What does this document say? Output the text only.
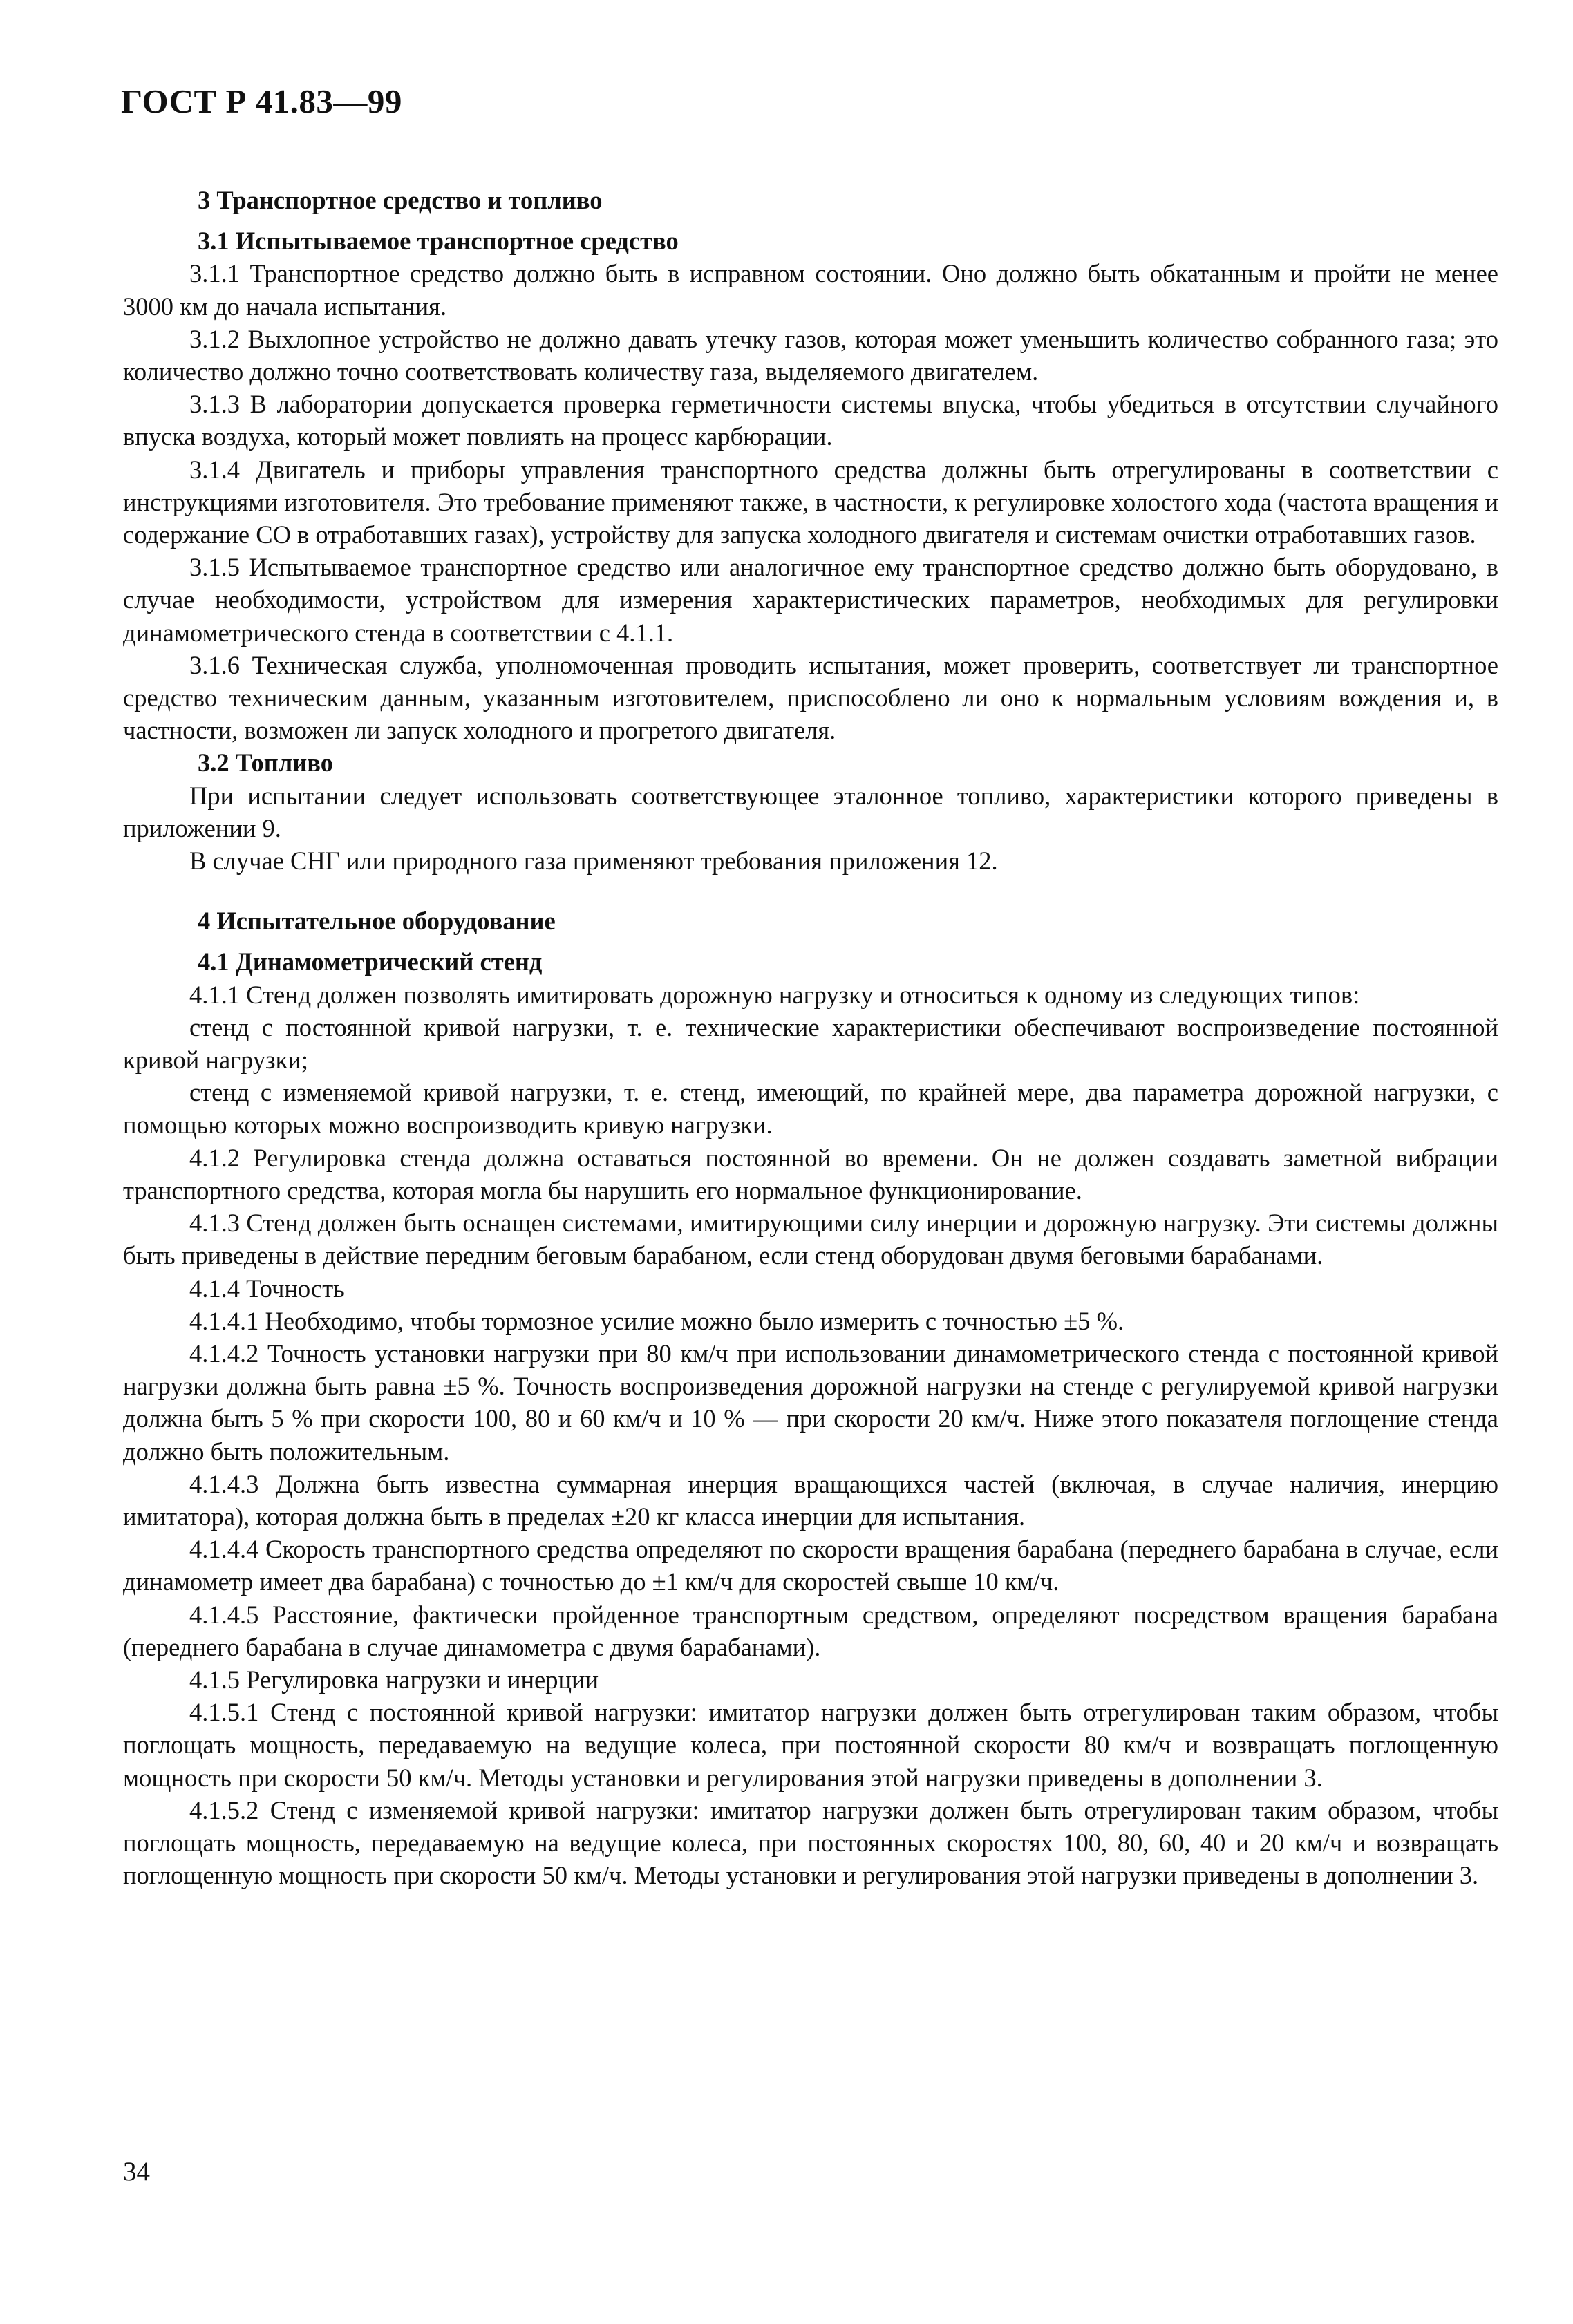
ГОСТ Р 41.83—99

3 Транспортное средство и топливо

3.1 Испытываемое транспортное средство

3.1.1 Транспортное средство должно быть в исправном состоянии. Оно должно быть обкатанным и пройти не менее 3000 км до начала испытания.

3.1.2 Выхлопное устройство не должно давать утечку газов, которая может уменьшить количество собранного газа; это количество должно точно соответствовать количеству газа, выделяемого двигателем.

3.1.3 В лаборатории допускается проверка герметичности системы впуска, чтобы убедиться в отсутствии случайного впуска воздуха, который может повлиять на процесс карбюрации.

3.1.4 Двигатель и приборы управления транспортного средства должны быть отрегулированы в соответствии с инструкциями изготовителя. Это требование применяют также, в частности, к регулировке холостого хода (частота вращения и содержание СО в отработавших газах), устройству для запуска холодного двигателя и системам очистки отработавших газов.

3.1.5 Испытываемое транспортное средство или аналогичное ему транспортное средство должно быть оборудовано, в случае необходимости, устройством для измерения характеристических параметров, необходимых для регулировки динамометрического стенда в соответствии с 4.1.1.

3.1.6 Техническая служба, уполномоченная проводить испытания, может проверить, соответствует ли транспортное средство техническим данным, указанным изготовителем, приспособлено ли оно к нормальным условиям вождения и, в частности, возможен ли запуск холодного и прогретого двигателя.

3.2 Топливо

При испытании следует использовать соответствующее эталонное топливо, характеристики которого приведены в приложении 9.

В случае СНГ или природного газа применяют требования приложения 12.

4 Испытательное оборудование

4.1 Динамометрический стенд

4.1.1 Стенд должен позволять имитировать дорожную нагрузку и относиться к одному из следующих типов:

стенд с постоянной кривой нагрузки, т. е. технические характеристики обеспечивают воспроизведение постоянной кривой нагрузки;

стенд с изменяемой кривой нагрузки, т. е. стенд, имеющий, по крайней мере, два параметра дорожной нагрузки, с помощью которых можно воспроизводить кривую нагрузки.

4.1.2 Регулировка стенда должна оставаться постоянной во времени. Он не должен создавать заметной вибрации транспортного средства, которая могла бы нарушить его нормальное функционирование.

4.1.3 Стенд должен быть оснащен системами, имитирующими силу инерции и дорожную нагрузку. Эти системы должны быть приведены в действие передним беговым барабаном, если стенд оборудован двумя беговыми барабанами.

4.1.4 Точность

4.1.4.1 Необходимо, чтобы тормозное усилие можно было измерить с точностью ±5 %.

4.1.4.2 Точность установки нагрузки при 80 км/ч при использовании динамометрического стенда с постоянной кривой нагрузки должна быть равна ±5 %. Точность воспроизведения дорожной нагрузки на стенде с регулируемой кривой нагрузки должна быть 5 % при скорости 100, 80 и 60 км/ч и 10 % — при скорости 20 км/ч. Ниже этого показателя поглощение стенда должно быть положительным.

4.1.4.3 Должна быть известна суммарная инерция вращающихся частей (включая, в случае наличия, инерцию имитатора), которая должна быть в пределах ±20 кг класса инерции для испытания.

4.1.4.4 Скорость транспортного средства определяют по скорости вращения барабана (переднего барабана в случае, если динамометр имеет два барабана) с точностью до ±1 км/ч для скоростей свыше 10 км/ч.

4.1.4.5 Расстояние, фактически пройденное транспортным средством, определяют посредством вращения барабана (переднего барабана в случае динамометра с двумя барабанами).

4.1.5 Регулировка нагрузки и инерции

4.1.5.1 Стенд с постоянной кривой нагрузки: имитатор нагрузки должен быть отрегулирован таким образом, чтобы поглощать мощность, передаваемую на ведущие колеса, при постоянной скорости 80 км/ч и возвращать поглощенную мощность при скорости 50 км/ч. Методы установки и регулирования этой нагрузки приведены в дополнении 3.

4.1.5.2 Стенд с изменяемой кривой нагрузки: имитатор нагрузки должен быть отрегулирован таким образом, чтобы поглощать мощность, передаваемую на ведущие колеса, при постоянных скоростях 100, 80, 60, 40 и 20 км/ч и возвращать поглощенную мощность при скорости 50 км/ч. Методы установки и регулирования этой нагрузки приведены в дополнении 3.

34
